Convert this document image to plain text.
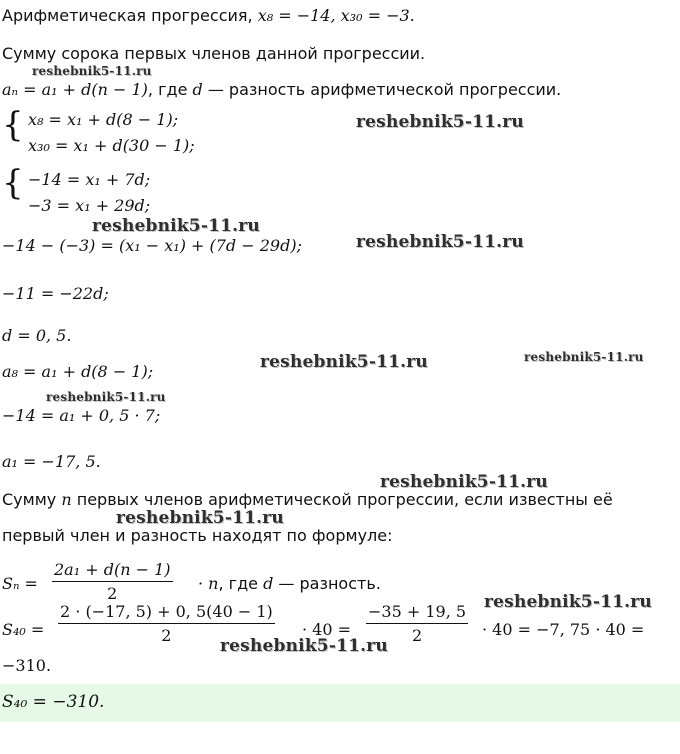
Арифметическая прогрессия, x₈ = −14, x₃₀ = −3.
Сумму сорока первых членов данной прогрессии.
aₙ = a₁ + d(n − 1), где d — разность арифметической прогрессии.
{ x₈ = x₁ + d(8 − 1);
x₃₀ = x₁ + d(30 − 1);
{ −14 = x₁ + 7d;
−3 = x₁ + 29d;
−14 − (−3) = (x₁ − x₁) + (7d − 29d);
−11 = −22d;
d = 0, 5.
a₈ = a₁ + d(8 − 1);
−14 = a₁ + 0, 5 · 7;
a₁ = −17, 5.
Сумму n первых членов арифметической прогрессии, если известны её
первый член и разность находят по формуле:
$S_n = \frac{\text{2a₁ + d(n − 1)}}{2} \cdot n$, где d — разность.
$S_{40} = \frac{2 \cdot (-17, 5) + 0, 5(40 - 1)}{2} \cdot 40 = \frac{-35 + 19, 5}{2} \cdot 40 = -7$, 75 · 40 =
−310.
S₄₀ = −310.
reshebnik5-11.ru
reshebnik5-11.ru
reshebnik5-11.ru
reshebnik5-11.ru
reshebnik5-11.ru	reshebnik5-11.ru
reshebnik5-11.ru
reshebnik5-11.ru
reshebnik5-11.ru
reshebnik5-11.ru
reshebnik5-11.ru
